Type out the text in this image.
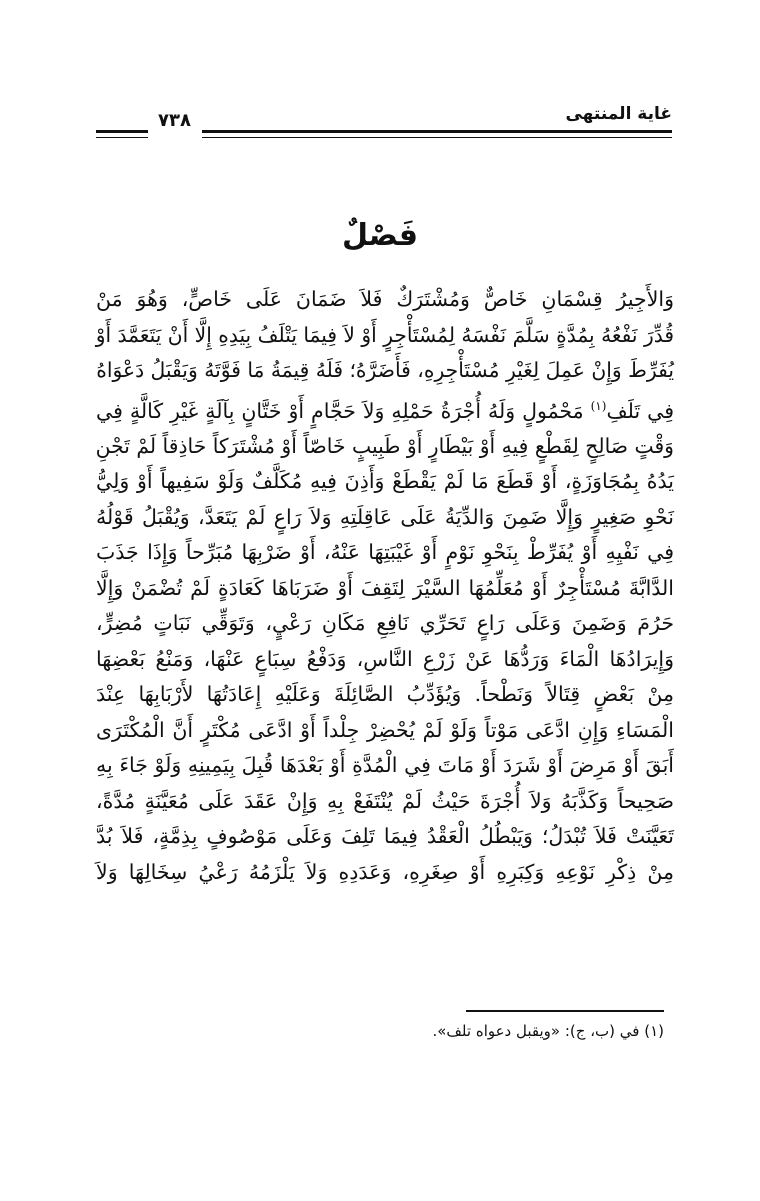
غاية المنتهى
٧٣٨
فَصْلٌ
وَالأَجِيرُ قِسْمَانِ خَاصٌّ وَمُشْتَرَكٌ فَلاَ ضَمَانَ عَلَى خَاصٍّ، وَهُوَ مَنْ
قُدِّرَ نَفْعُهُ بِمُدَّةٍ سَلَّمَ نَفْسَهُ لِمُسْتَأْجِرٍ أَوْ لاَ فِيمَا يَتْلَفُ بِيَدِهِ إِلَّا أَنْ يَتَعَمَّدَ أَوْ
يُفَرِّطَ وَإِنْ عَمِلَ لِغَيْرِ مُسْتَأْجِرِهِ، فَأَضَرَّهُ؛ فَلَهُ قِيمَةُ مَا فَوَّتَهُ وَيَقْبَلُ دَعْوَاهُ
فِي تَلَفِ$^{(١)}$ مَحْمُولٍ وَلَهُ أُجْرَةُ حَمْلِهِ وَلاَ حَجَّامٍ أَوْ خَتَّانٍ بِآلَةٍ غَيْرِ كَالَّةٍ فِي
وَقْتٍ صَالِحٍ لِقَطْعٍ فِيهِ أَوْ بَيْطَارٍ أَوْ طَبِيبٍ خَاصّاً أَوْ مُشْتَرَكاً حَاذِقاً لَمْ تَجْنِ
يَدُهُ بِمُجَاوَزَةٍ، أَوْ قَطَعَ مَا لَمْ يَقْطَعْ وَأَذِنَ فِيهِ مُكَلَّفٌ وَلَوْ سَفِيهاً أَوْ وَلِيُّ
نَحْوِ صَغِيرٍ وَإِلَّا ضَمِنَ وَالدِّيَةُ عَلَى عَاقِلَتِهِ وَلاَ رَاعٍ لَمْ يَتَعَدَّ، وَيُقْبَلُ قَوْلُهُ
فِي نَفْيِهِ أَوْ يُفَرِّطْ بِنَحْوِ نَوْمٍ أَوْ غَيْبَتِهَا عَنْهُ، أَوْ ضَرْبِهَا مُبَرِّحاً وَإِذَا جَذَبَ
الدَّابَّةَ مُسْتَأْجِرٌ أَوْ مُعَلِّمُهَا السَّيْرَ لِتَقِفَ أَوْ ضَرَبَاهَا كَعَادَةٍ لَمْ تُضْمَنْ وَإِلَّا
حَرُمَ وَضَمِنَ وَعَلَى رَاعٍ تَحَرِّي نَافِعِ مَكَانِ رَعْيٍ، وَتَوَقِّي نَبَاتٍ مُضِرٍّ،
وَإِيرَادُهَا الْمَاءَ وَرَدُّهَا عَنْ زَرْعِ النَّاسِ، وَدَفْعُ سِبَاعٍ عَنْهَا، وَمَنْعُ بَعْضِهَا
مِنْ بَعْضٍ قِتَالاً وَنَطْحاً. وَيُؤَدِّبُ الصَّائِلَةَ وَعَلَيْهِ إِعَادَتُهَا لأَرْبَابِهَا عِنْدَ
الْمَسَاءِ وَإِنِ ادَّعَى مَوْتاً وَلَوْ لَمْ يُحْضِرْ جِلْداً أَوْ ادَّعَى مُكْتَرٍ أَنَّ الْمُكْتَرَى
أَبَقَ أَوْ مَرِضَ أَوْ شَرَدَ أَوْ مَاتَ فِي الْمُدَّةِ أَوْ بَعْدَهَا قُبِلَ بِيَمِينِهِ وَلَوْ جَاءَ بِهِ
صَحِيحاً وَكَذَّبَهُ وَلاَ أُجْرَةَ حَيْثُ لَمْ يُنْتَفَعْ بِهِ وَإِنْ عَقَدَ عَلَى مُعَيَّنَةٍ مُدَّةً،
تَعَيَّنَتْ فَلاَ تُبْدَلُ؛ وَيَبْطُلُ الْعَقْدُ فِيمَا تَلِفَ وَعَلَى مَوْصُوفٍ بِذِمَّةٍ، فَلاَ بُدَّ
مِنْ ذِكْرِ نَوْعِهِ وَكِبَرِهِ أَوْ صِغَرِهِ، وَعَدَدِهِ وَلاَ يَلْزَمُهُ رَعْيُ سِخَالِهَا وَلاَ
(١) في (ب، ج): «ويقبل دعواه تلف».
